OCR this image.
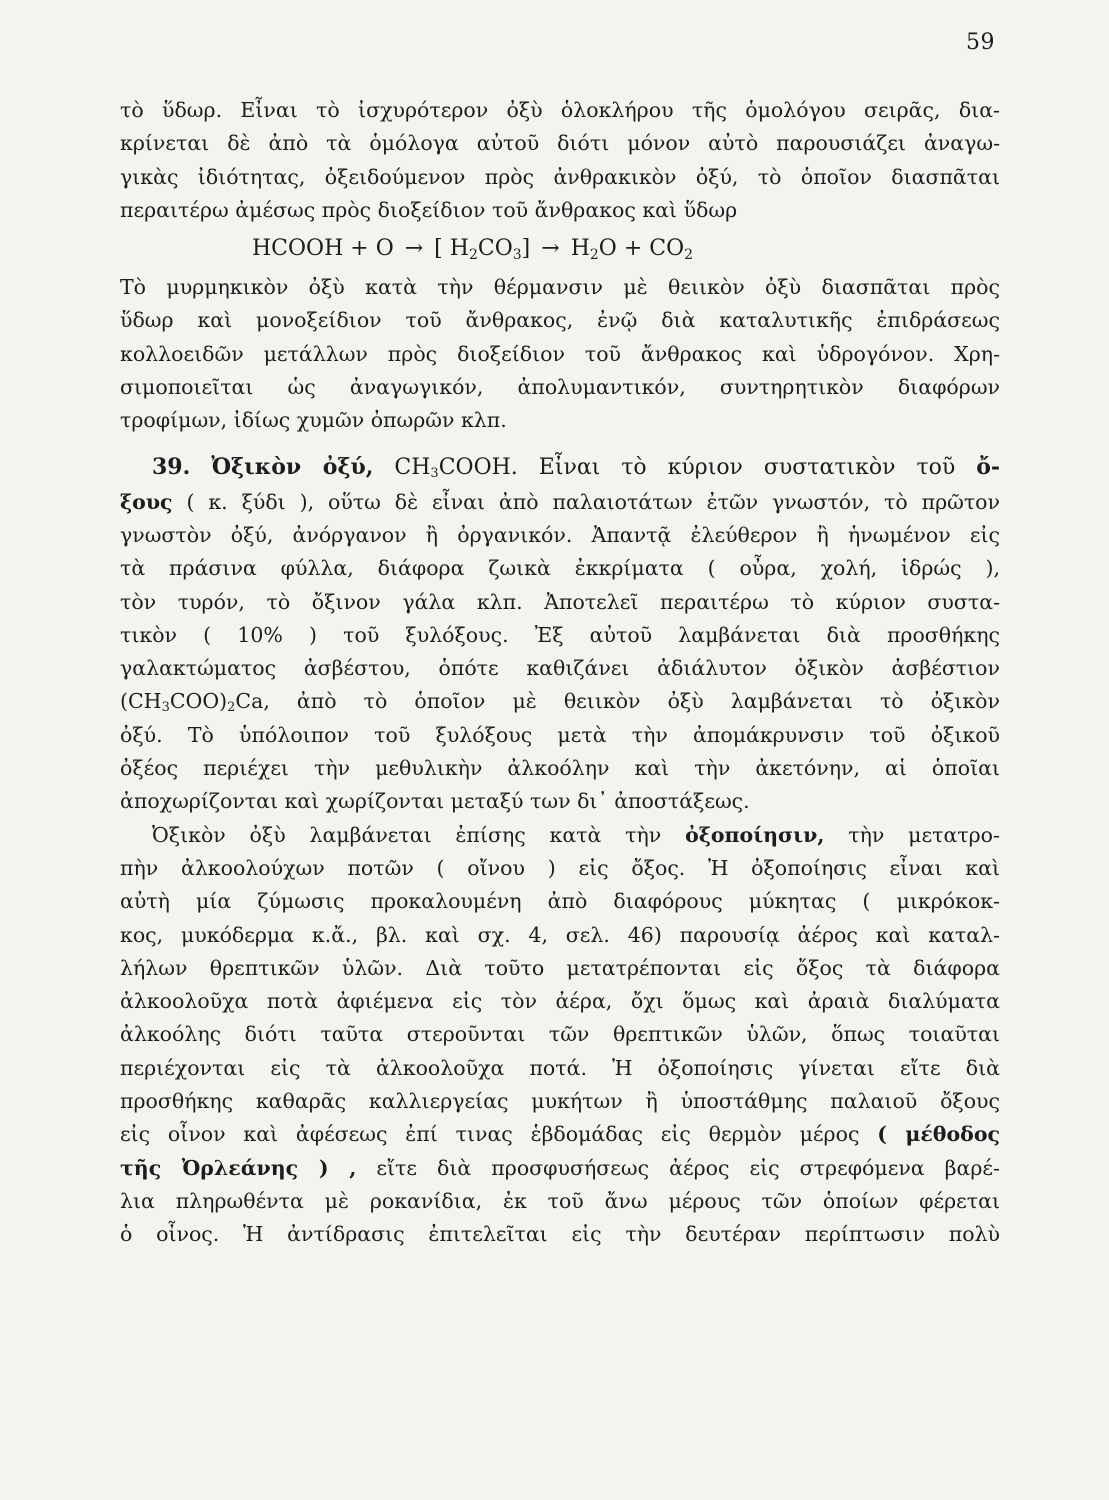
59
τὸ ὕδωρ. Εἶναι τὸ ἰσχυρότερον ὀξὺ ὁλοκλήρου τῆς ὁμολόγου σειρᾶς, δια-
κρίνεται δὲ ἀπὸ τὰ ὁμόλογα αὐτοῦ διότι μόνον αὐτὸ παρουσιάζει ἀναγω-
γικὰς ἰδιότητας, ὀξειδούμενον πρὸς ἀνθρακικὸν ὀξύ, τὸ ὁποῖον διασπᾶται
περαιτέρω ἀμέσως πρὸς διοξείδιον τοῦ ἄνθρακος καὶ ὕδωρ
HCOOH + O → [ $H_2CO_3] \to H_2O + CO_2$
Τὸ μυρμηκικὸν ὀξὺ κατὰ τὴν θέρμανσιν μὲ θειικὸν ὀξὺ διασπᾶται πρὸς
ὕδωρ καὶ μονοξείδιον τοῦ ἄνθρακος, ἐνῷ διὰ καταλυτικῆς ἐπιδράσεως
κολλοειδῶν μετάλλων πρὸς διοξείδιον τοῦ ἄνθρακος καὶ ὑδρογόνον. Χρη-
σιμοποιεῖται ὡς ἀναγωγικόν, ἀπολυμαντικόν, συντηρητικὸν διαφόρων
τροφίμων, ἰδίως χυμῶν ὀπωρῶν κλπ.
39. Ὀξικὸν ὀξύ, $CH_3COOH$. Εἶναι τὸ κύριον συστατικὸν τοῦ ὄ-
ξους ( κ. ξύδι ), οὕτω δὲ εἶναι ἀπὸ παλαιοτάτων ἐτῶν γνωστόν, τὸ πρῶτον
γνωστὸν ὀξύ, ἀνόργανον ἢ ὀργανικόν. Ἀπαντᾷ ἐλεύθερον ἢ ἡνωμένον εἰς
τὰ πράσινα φύλλα, διάφορα ζωικὰ ἐκκρίματα ( οὖρα, χολή, ἱδρώς ),
τὸν τυρόν, τὸ ὄξινον γάλα κλπ. Ἀποτελεῖ περαιτέρω τὸ κύριον συστα-
τικὸν ( 10% ) τοῦ ξυλόξους. Ἐξ αὐτοῦ λαμβάνεται διὰ προσθήκης
γαλακτώματος ἀσβέστου, ὁπότε καθιζάνει ἀδιάλυτον ὀξικὸν ἀσβέστιον
$(CH_3COO)_2Ca$, ἀπὸ τὸ ὁποῖον μὲ θειικὸν ὀξὺ λαμβάνεται τὸ ὀξικὸν
ὀξύ. Τὸ ὑπόλοιπον τοῦ ξυλόξους μετὰ τὴν ἀπομάκρυνσιν τοῦ ὀξικοῦ
ὀξέος περιέχει τὴν μεθυλικὴν ἀλκοόλην καὶ τὴν ἀκετόνην, αἱ ὁποῖαι
ἀποχωρίζονται καὶ χωρίζονται μεταξύ των δι᾽ ἀποστάξεως.
Ὀξικὸν ὀξὺ λαμβάνεται ἐπίσης κατὰ τὴν ὀξοποίησιν, τὴν μετατρο-
πὴν ἀλκοολούχων ποτῶν ( οἴνου ) εἰς ὄξος. Ἡ ὀξοποίησις εἶναι καὶ
αὐτὴ μία ζύμωσις προκαλουμένη ἀπὸ διαφόρους μύκητας ( μικρόκοκ-
κος, μυκόδερμα κ.ἄ., βλ. καὶ σχ. 4, σελ. 46) παρουσίᾳ ἀέρος καὶ καταλ-
λήλων θρεπτικῶν ὑλῶν. Διὰ τοῦτο μετατρέπονται εἰς ὄξος τὰ διάφορα
ἀλκοολοῦχα ποτὰ ἀφιέμενα εἰς τὸν ἀέρα, ὄχι ὅμως καὶ ἀραιὰ διαλύματα
ἀλκοόλης διότι ταῦτα στεροῦνται τῶν θρεπτικῶν ὑλῶν, ὅπως τοιαῦται
περιέχονται εἰς τὰ ἀλκοολοῦχα ποτά. Ἡ ὀξοποίησις γίνεται εἴτε διὰ
προσθήκης καθαρᾶς καλλιεργείας μυκήτων ἢ ὑποστάθμης παλαιοῦ ὄξους
εἰς οἶνον καὶ ἀφέσεως ἐπί τινας ἑβδομάδας εἰς θερμὸν μέρος ( μέθοδος
τῆς Ὀρλεάνης ) , εἴτε διὰ προσφυσήσεως ἀέρος εἰς στρεφόμενα βαρέ-
λια πληρωθέντα μὲ ροκανίδια, ἐκ τοῦ ἄνω μέρους τῶν ὁποίων φέρεται
ὁ οἶνος. Ἡ ἀντίδρασις ἐπιτελεῖται εἰς τὴν δευτέραν περίπτωσιν πολὺ
